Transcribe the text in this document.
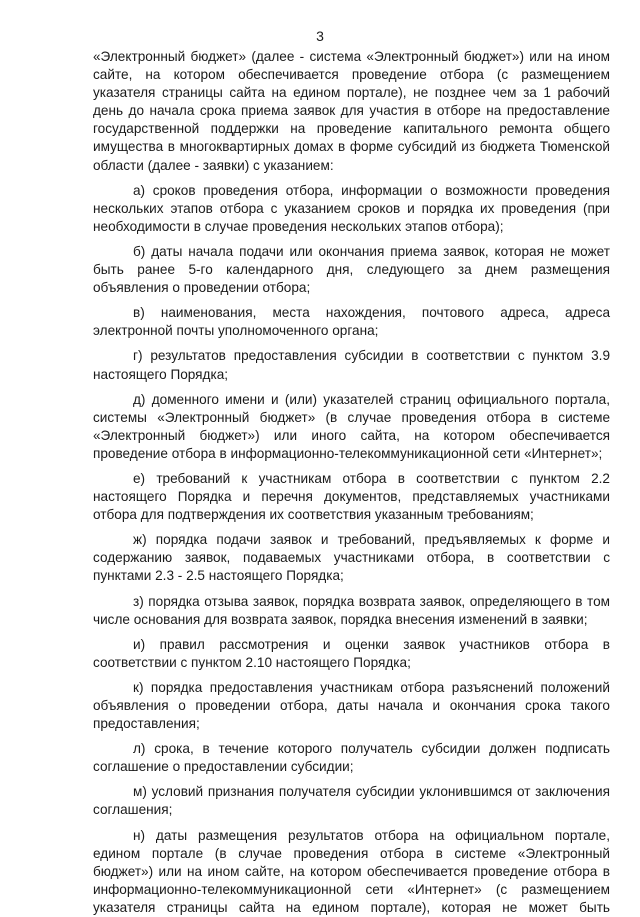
3

«Электронный бюджет» (далее - система «Электронный бюджет») или на ином сайте, на котором обеспечивается проведение отбора (с размещением указателя страницы сайта на едином портале), не позднее чем за 1 рабочий день до начала срока приема заявок для участия в отборе на предоставление государственной поддержки на проведение капитального ремонта общего имущества в многоквартирных домах в форме субсидий из бюджета Тюменской области (далее - заявки) с указанием:

а) сроков проведения отбора, информации о возможности проведения нескольких этапов отбора с указанием сроков и порядка их проведения (при необходимости в случае проведения нескольких этапов отбора);

б) даты начала подачи или окончания приема заявок, которая не может быть ранее 5-го календарного дня, следующего за днем размещения объявления о проведении отбора;

в) наименования, места нахождения, почтового адреса, адреса электронной почты уполномоченного органа;

г) результатов предоставления субсидии в соответствии с пунктом 3.9 настоящего Порядка;

д) доменного имени и (или) указателей страниц официального портала, системы «Электронный бюджет» (в случае проведения отбора в системе «Электронный бюджет») или иного сайта, на котором обеспечивается проведение отбора в информационно-телекоммуникационной сети «Интернет»;

е) требований к участникам отбора в соответствии с пунктом 2.2 настоящего Порядка и перечня документов, представляемых участниками отбора для подтверждения их соответствия указанным требованиям;

ж) порядка подачи заявок и требований, предъявляемых к форме и содержанию заявок, подаваемых участниками отбора, в соответствии с пунктами 2.3 - 2.5 настоящего Порядка;

з) порядка отзыва заявок, порядка возврата заявок, определяющего в том числе основания для возврата заявок, порядка внесения изменений в заявки;

и) правил рассмотрения и оценки заявок участников отбора в соответствии с пунктом 2.10 настоящего Порядка;

к) порядка предоставления участникам отбора разъяснений положений объявления о проведении отбора, даты начала и окончания срока такого предоставления;

л) срока, в течение которого получатель субсидии должен подписать соглашение о предоставлении субсидии;

м) условий признания получателя субсидии уклонившимся от заключения соглашения;

н) даты размещения результатов отбора на официальном портале, едином портале (в случае проведения отбора в системе «Электронный бюджет») или на ином сайте, на котором обеспечивается проведение отбора в информационно-телекоммуникационной сети «Интернет» (с размещением указателя страницы сайта на едином портале), которая не может быть
